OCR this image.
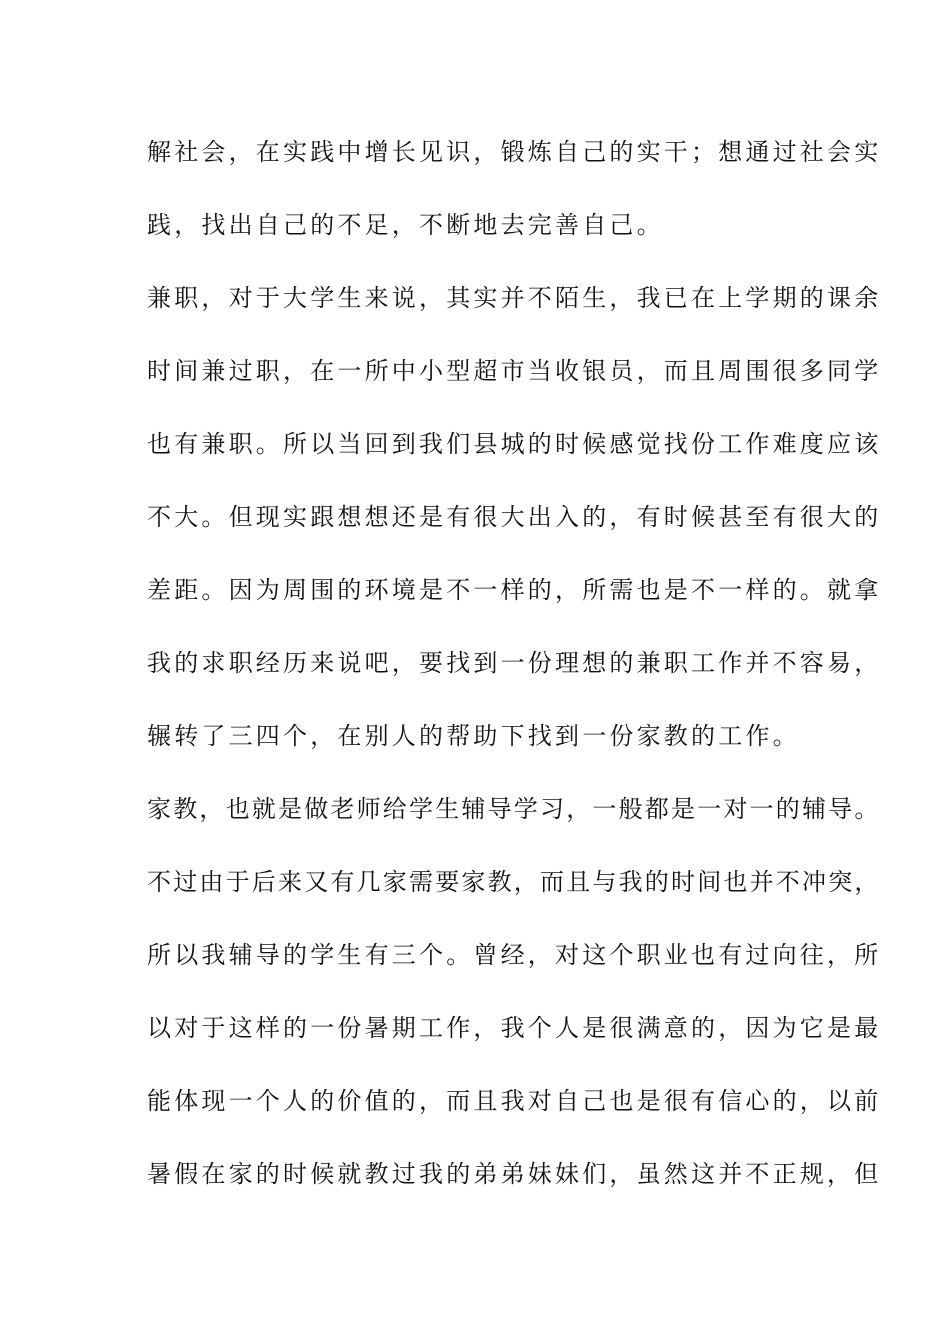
解社会，在实践中增长见识，锻炼自己的实干；想通过社会实

践，找出自己的不足，不断地去完善自己。

兼职，对于大学生来说，其实并不陌生，我已在上学期的课余

时间兼过职，在一所中小型超市当收银员，而且周围很多同学

也有兼职。所以当回到我们县城的时候感觉找份工作难度应该

不大。但现实跟想想还是有很大出入的，有时候甚至有很大的

差距。因为周围的环境是不一样的，所需也是不一样的。就拿

我的求职经历来说吧，要找到一份理想的兼职工作并不容易，

辗转了三四个，在别人的帮助下找到一份家教的工作。

家教，也就是做老师给学生辅导学习，一般都是一对一的辅导。

不过由于后来又有几家需要家教，而且与我的时间也并不冲突，

所以我辅导的学生有三个。曾经，对这个职业也有过向往，所

以对于这样的一份暑期工作，我个人是很满意的，因为它是最

能体现一个人的价值的，而且我对自己也是很有信心的，以前

暑假在家的时候就教过我的弟弟妹妹们，虽然这并不正规，但
